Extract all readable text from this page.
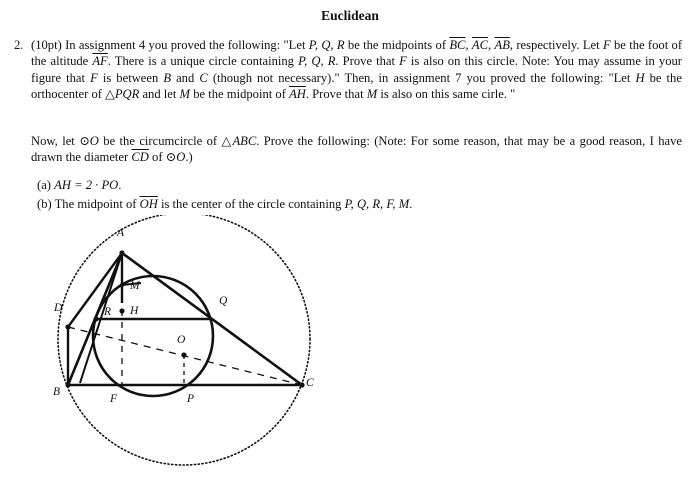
Euclidean
2. (10pt) In assignment 4 you proved the following: "Let P, Q, R be the midpoints of $\overline{BC}$, $\overline{AC}$, $\overline{AB}$, respectively. Let F be the foot of the altitude $\overline{AF}$. There is a unique circle containing P, Q, R. Prove that F is also on this circle. Note: You may assume in your figure that F is between B and C (though not necessary)." Then, in assignment 7 you proved the following: "Let H be the orthocenter of △PQR and let M be the midpoint of $\overline{AH}$. Prove that M is also on this same cirle. "
Now, let ⊙O be the circumcircle of △ABC. Prove the following: (Note: For some reason, that may be a good reason, I have drawn the diameter $\overline{CD}$ of ⊙O.)
(a) AH = 2 · PO.
(b) The midpoint of $\overline{OH}$ is the center of the circle containing P, Q, R, F, M.
A
B
C
D
F	P
Q
R H
M
O
